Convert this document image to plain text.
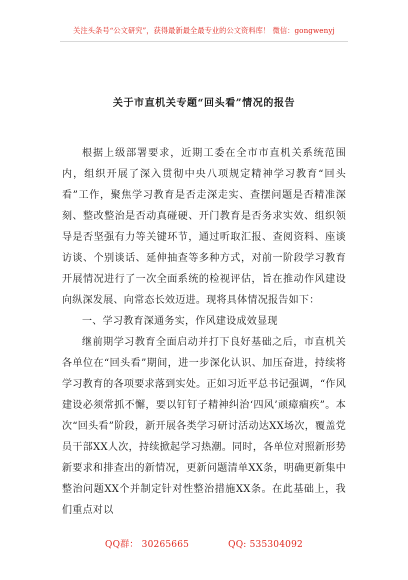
关注头条号“公文研究”，获得最新最全最专业的公文资料库！ 微信：gongwenyj
关于市直机关专题“回头看”情况的报告

根据上级部署要求，近期工委在全市市直机关系统范围内，组织开展了深入贯彻中央八项规定精神学习教育“回头看”工作，聚焦学习教育是否走深走实、查摆问题是否精准深刻、整改整治是否动真碰硬、开门教育是否务求实效、组织领导是否坚强有力等关键环节，通过听取汇报、查阅资料、座谈访谈、个别谈话、延伸抽查等多种方式，对前一阶段学习教育开展情况进行了一次全面系统的检视评估，旨在推动作风建设向纵深发展、向常态长效迈进。现将具体情况报告如下：

一、学习教育深通务实，作风建设成效显现

继前期学习教育全面启动并打下良好基础之后，市直机关各单位在“回头看”期间，进一步深化认识、加压奋进，持续将学习教育的各项要求落到实处。正如习近平总书记强调，“作风建设必须常抓不懈，要以钉钉子精神纠治‘四风’顽瘴痼疾”。本次“回头看”阶段，新开展各类学习研讨活动达XX场次，覆盖党员干部XX人次，持续掀起学习热潮。同时，各单位对照新形势新要求和排查出的新情况，更新问题清单XX条，明确更新集中整治问题XX个并制定针对性整治措施XX条。在此基础上，我们重点对以

QQ群： 30265665	QQ: 535304092
